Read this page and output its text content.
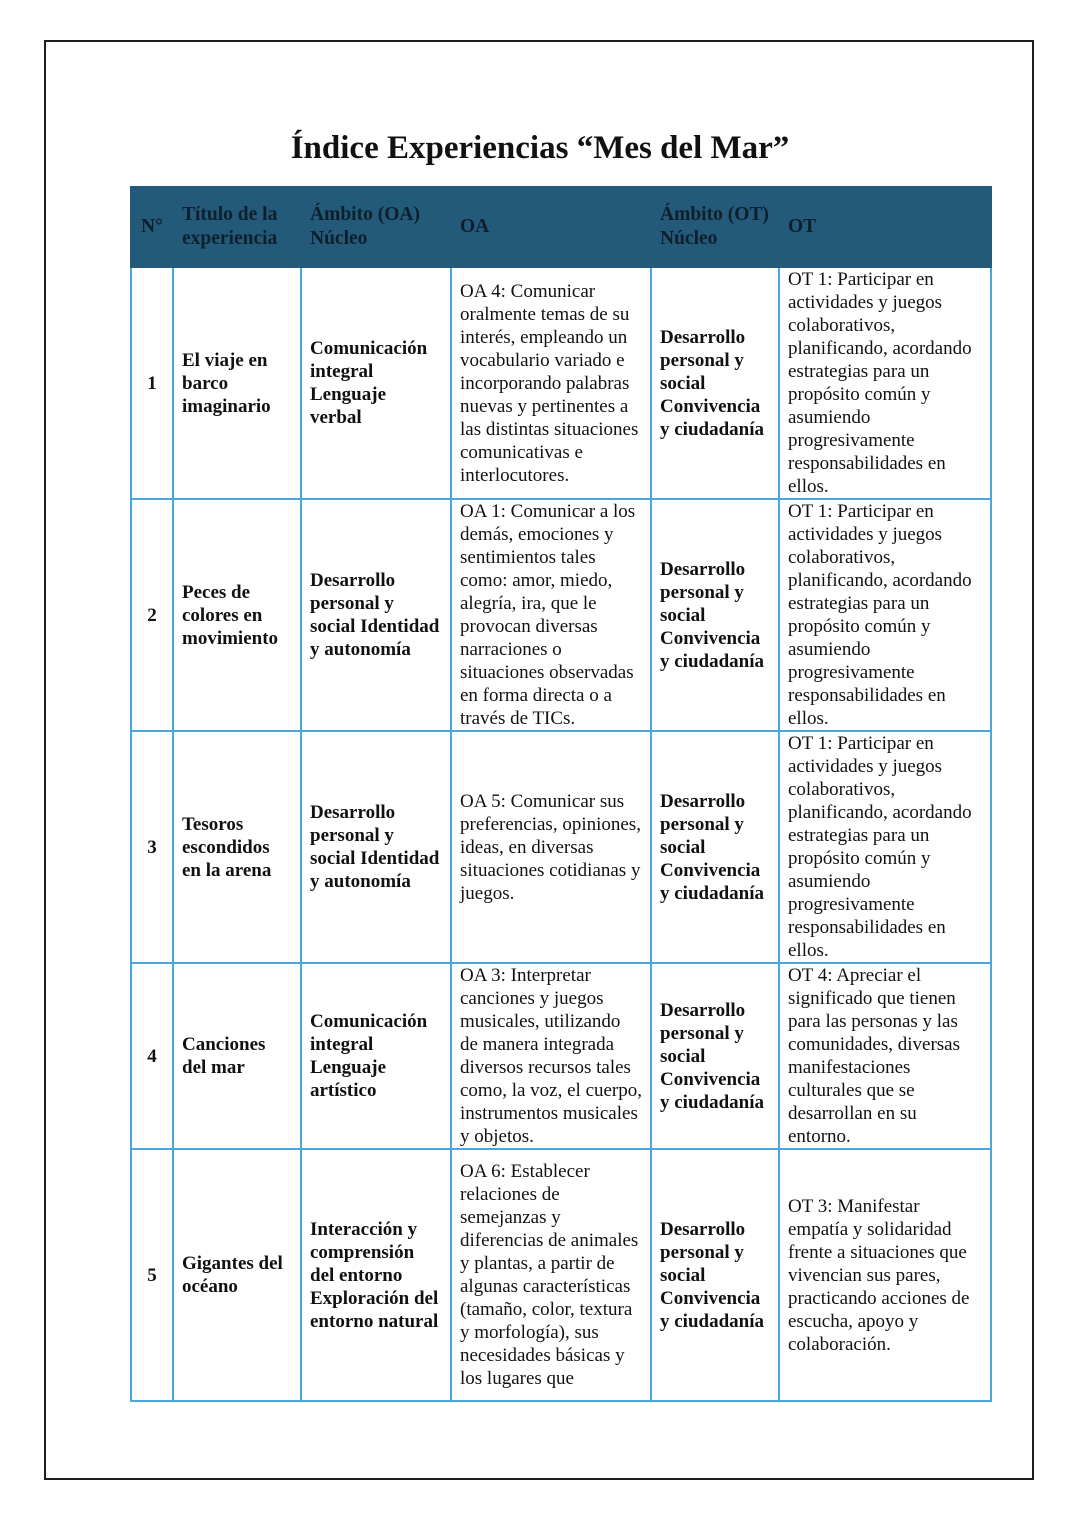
Índice Experiencias “Mes del Mar”
N°	Título de la experiencia	Ámbito (OA) Núcleo	OA	Ámbito (OT) Núcleo	OT
1	El viaje en barco imaginario	Comunicación integral Lenguaje verbal	OA 4: Comunicar oralmente temas de su interés, empleando un vocabulario variado e incorporando palabras nuevas y pertinentes a las distintas situaciones comunicativas e interlocutores.	Desarrollo personal y social Convivencia y ciudadanía	OT 1: Participar en actividades y juegos colaborativos, planificando, acordando estrategias para un propósito común y asumiendo progresivamente responsabilidades en ellos.
2	Peces de colores en movimiento	Desarrollo personal y social Identidad y autonomía	OA 1: Comunicar a los demás, emociones y sentimientos tales como: amor, miedo, alegría, ira, que le provocan diversas narraciones o situaciones observadas en forma directa o a través de TICs.	Desarrollo personal y social Convivencia y ciudadanía	OT 1: Participar en actividades y juegos colaborativos, planificando, acordando estrategias para un propósito común y asumiendo progresivamente responsabilidades en ellos.
3	Tesoros escondidos en la arena	Desarrollo personal y social Identidad y autonomía	OA 5: Comunicar sus preferencias, opiniones, ideas, en diversas situaciones cotidianas y juegos.	Desarrollo personal y social Convivencia y ciudadanía	OT 1: Participar en actividades y juegos colaborativos, planificando, acordando estrategias para un propósito común y asumiendo progresivamente responsabilidades en ellos.
4	Canciones del mar	Comunicación integral Lenguaje artístico	OA 3: Interpretar canciones y juegos musicales, utilizando de manera integrada diversos recursos tales como, la voz, el cuerpo, instrumentos musicales y objetos.	Desarrollo personal y social Convivencia y ciudadanía	OT 4: Apreciar el significado que tienen para las personas y las comunidades, diversas manifestaciones culturales que se desarrollan en su entorno.
5	Gigantes del océano	Interacción y comprensión del entorno Exploración del entorno natural	OA 6: Establecer relaciones de semejanzas y diferencias de animales y plantas, a partir de algunas características (tamaño, color, textura y morfología), sus necesidades básicas y los lugares que	Desarrollo personal y social Convivencia y ciudadanía	OT 3: Manifestar empatía y solidaridad frente a situaciones que vivencian sus pares, practicando acciones de escucha, apoyo y colaboración.
